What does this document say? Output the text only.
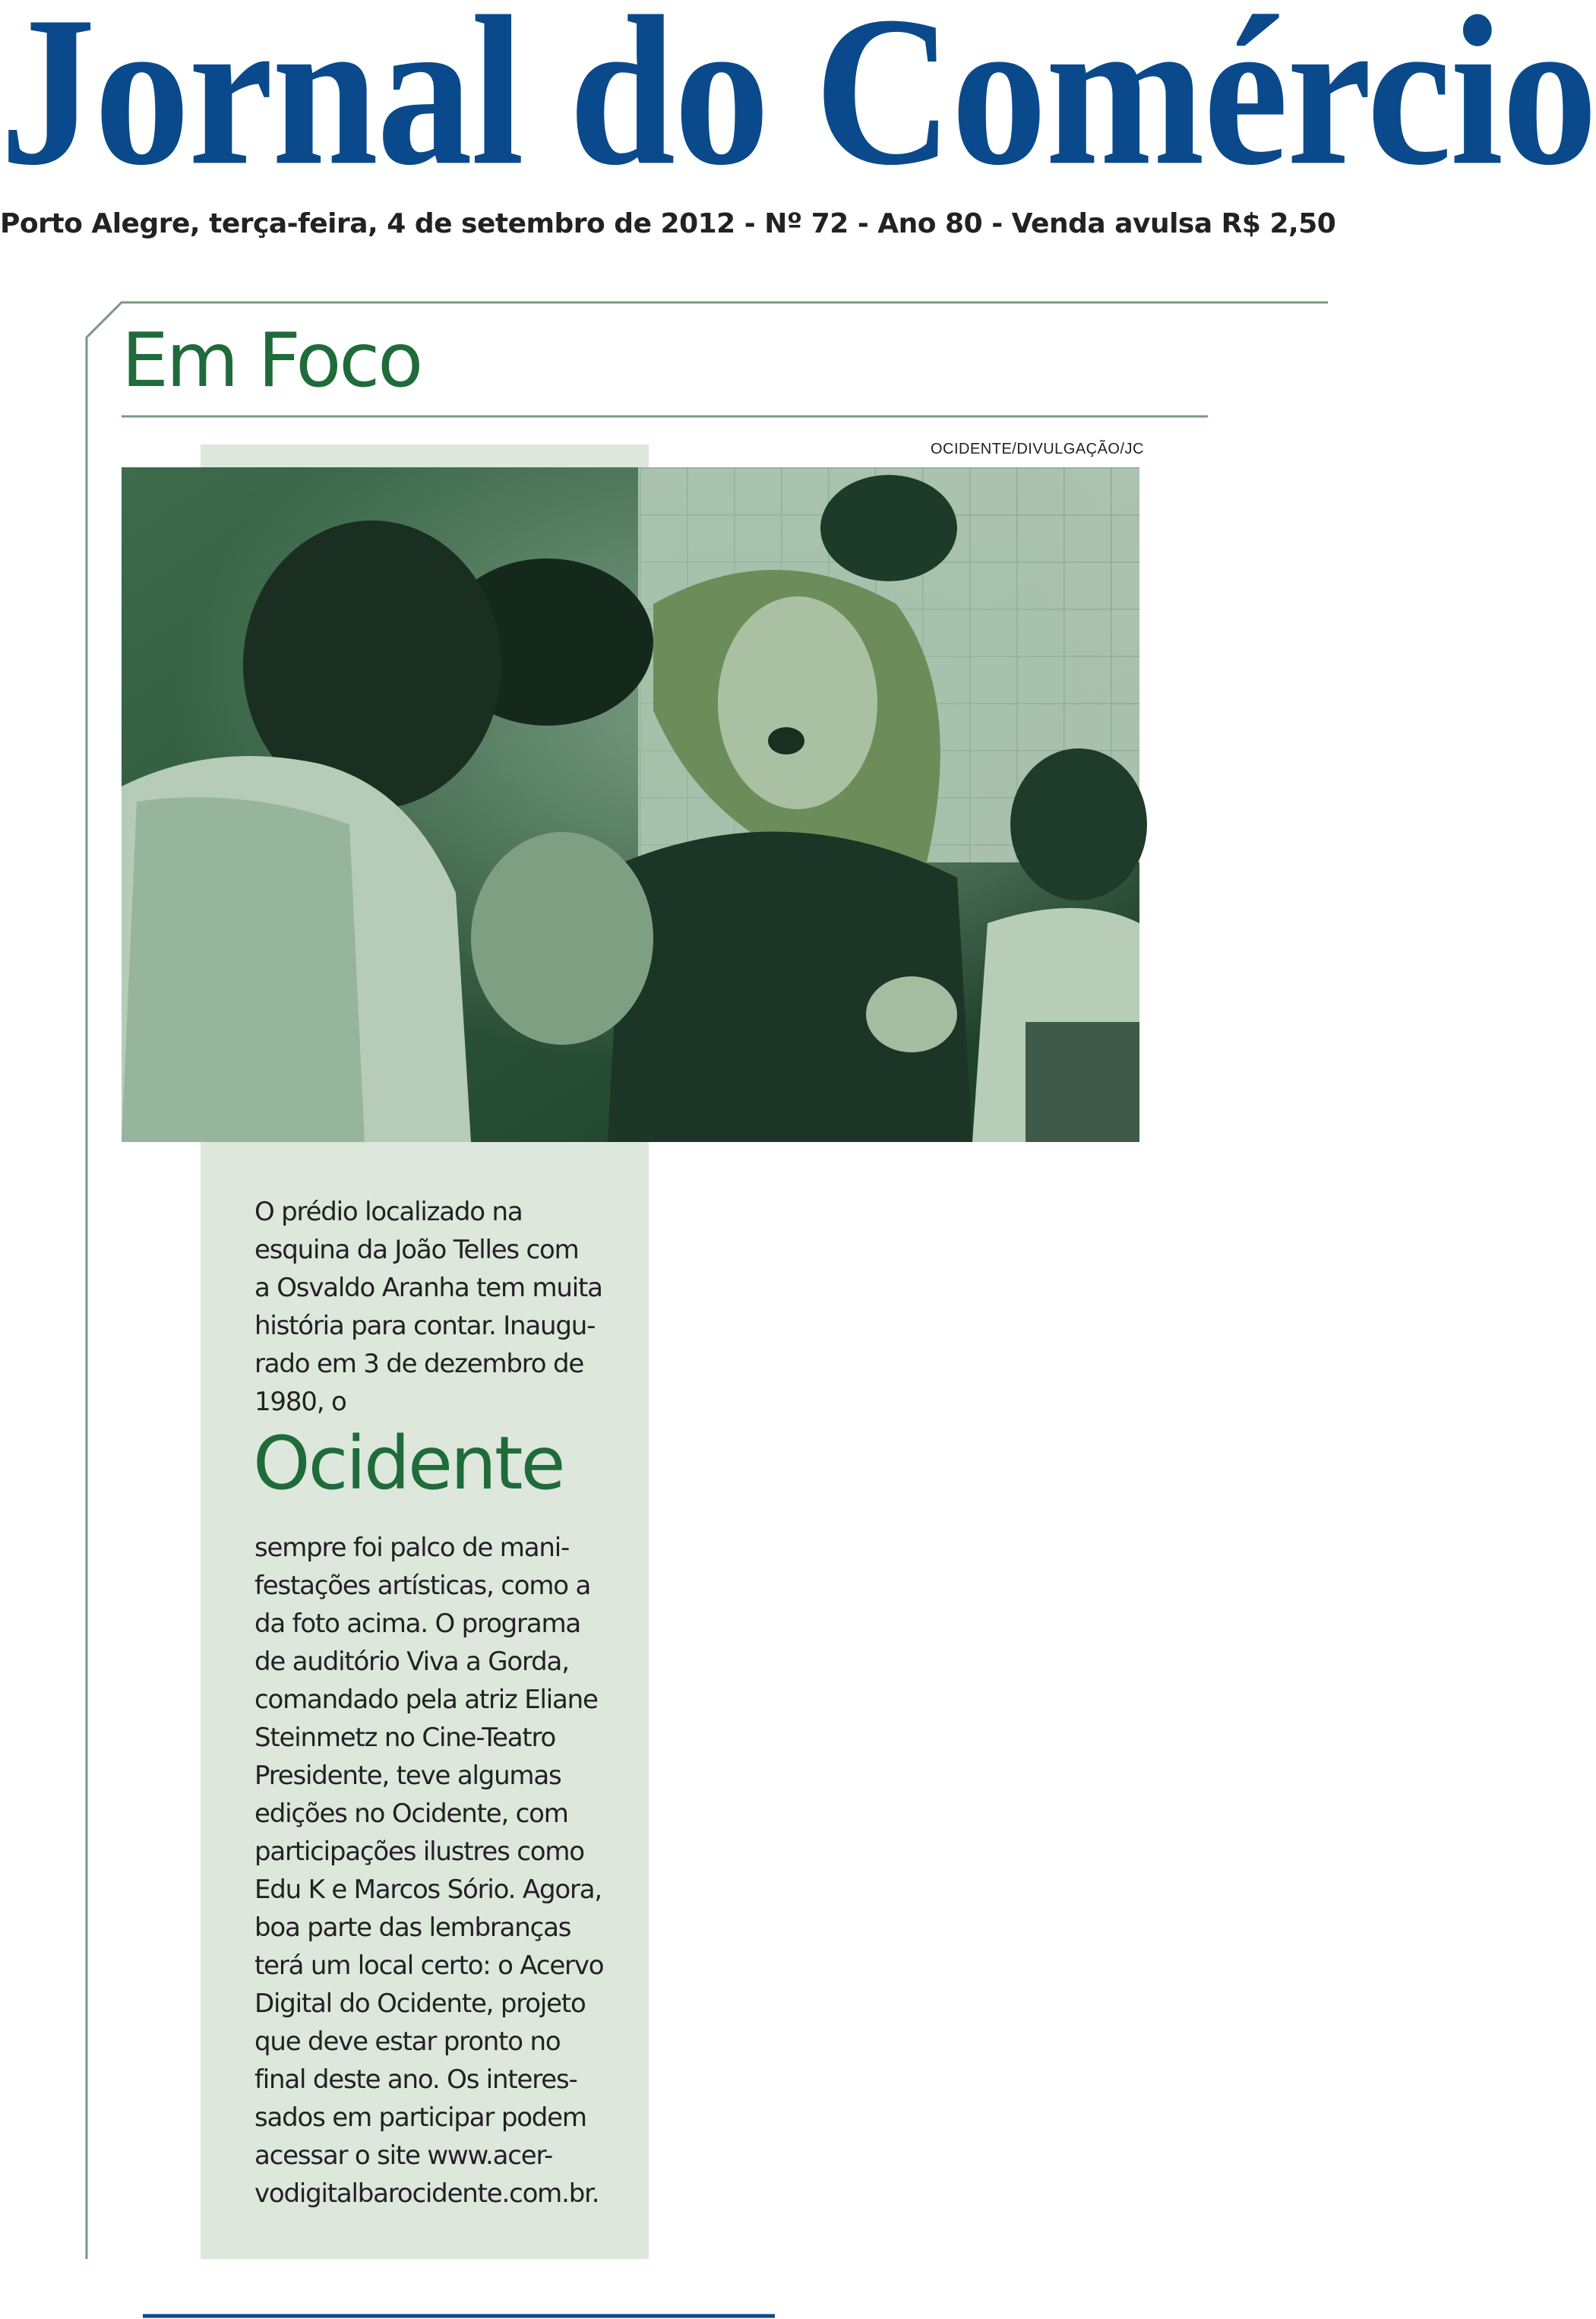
Jornal do Comércio
Porto Alegre, terça-feira, 4 de setembro de 2012 - Nº 72 - Ano 80 - Venda avulsa R$ 2,50
Em Foco
OCIDENTE/DIVULGAÇÃO/JC

O prédio localizado na
esquina da João Telles com
a Osvaldo Aranha tem muita
história para contar. Inaugu-
rado em 3 de dezembro de
1980, o

Ocidente

sempre foi palco de mani-
festações artísticas, como a
da foto acima. O programa
de auditório Viva a Gorda,
comandado pela atriz Eliane
Steinmetz no Cine-Teatro
Presidente, teve algumas
edições no Ocidente, com
participações ilustres como
Edu K e Marcos Sório. Agora,
boa parte das lembranças
terá um local certo: o Acervo
Digital do Ocidente, projeto
que deve estar pronto no
final deste ano. Os interes-
sados em participar podem
acessar o site www.acer-
vodigitalbarocidente.com.br.
